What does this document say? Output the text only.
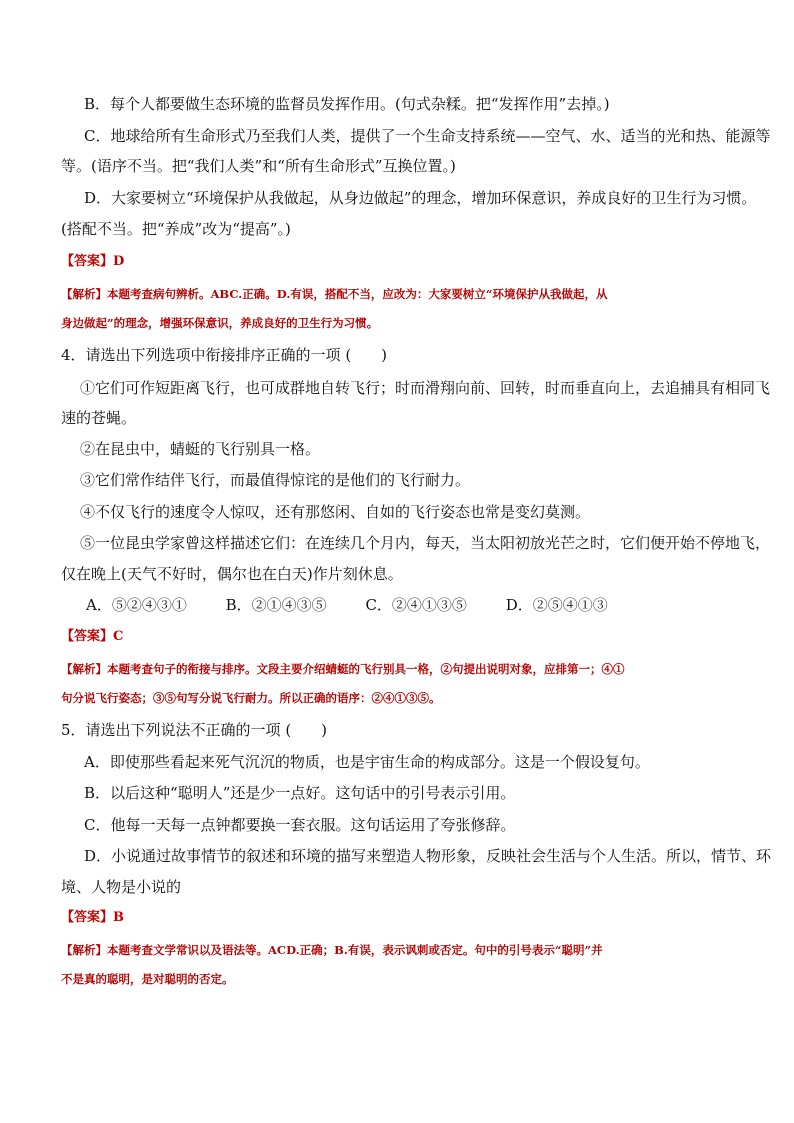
B．每个人都要做生态环境的监督员发挥作用。(句式杂糅。把“发挥作用”去掉。)
C．地球给所有生命形式乃至我们人类，提供了一个生命支持系统——空气、水、适当的光和热、能源等
等。(语序不当。把“我们人类”和“所有生命形式”互换位置。)
D．大家要树立“环境保护从我做起，从身边做起”的理念，增加环保意识，养成良好的卫生行为习惯。
(搭配不当。把“养成”改为“提高”。)
【答案】D
【解析】本题考查病句辨析。ABC.正确。D.有误，搭配不当，应改为：大家要树立“环境保护从我做起，从
身边做起”的理念，增强环保意识，养成良好的卫生行为习惯。
4．请选出下列选项中衔接排序正确的一项 (　　)
①它们可作短距离飞行，也可成群地自转飞行；时而滑翔向前、回转，时而垂直向上，去追捕具有相同飞
速的苍蝇。
②在昆虫中，蜻蜓的飞行别具一格。
③它们常作结伴飞行，而最值得惊诧的是他们的飞行耐力。
④不仅飞行的速度令人惊叹，还有那悠闲、自如的飞行姿态也常是变幻莫测。
⑤一位昆虫学家曾这样描述它们：在连续几个月内，每天，当太阳初放光芒之时，它们便开始不停地飞，
仅在晚上(天气不好时，偶尔也在白天)作片刻休息。
A．⑤②④③①	B．②①④③⑤	C．②④①③⑤	D．②⑤④①③
【答案】C
【解析】本题考查句子的衔接与排序。文段主要介绍蜻蜓的飞行别具一格，②句提出说明对象，应排第一；④①
句分说飞行姿态；③⑤句写分说飞行耐力。所以正确的语序：②④①③⑤。
5．请选出下列说法不正确的一项 (　　)
A．即使那些看起来死气沉沉的物质，也是宇宙生命的构成部分。这是一个假设复句。
B．以后这种“聪明人”还是少一点好。这句话中的引号表示引用。
C．他每一天每一点钟都要换一套衣服。这句话运用了夸张修辞。
D．小说通过故事情节的叙述和环境的描写来塑造人物形象，反映社会生活与个人生活。所以，情节、环
境、人物是小说的
【答案】B
【解析】本题考查文学常识以及语法等。ACD.正确；B.有误，表示讽刺或否定。句中的引号表示“聪明”并
不是真的聪明，是对聪明的否定。
